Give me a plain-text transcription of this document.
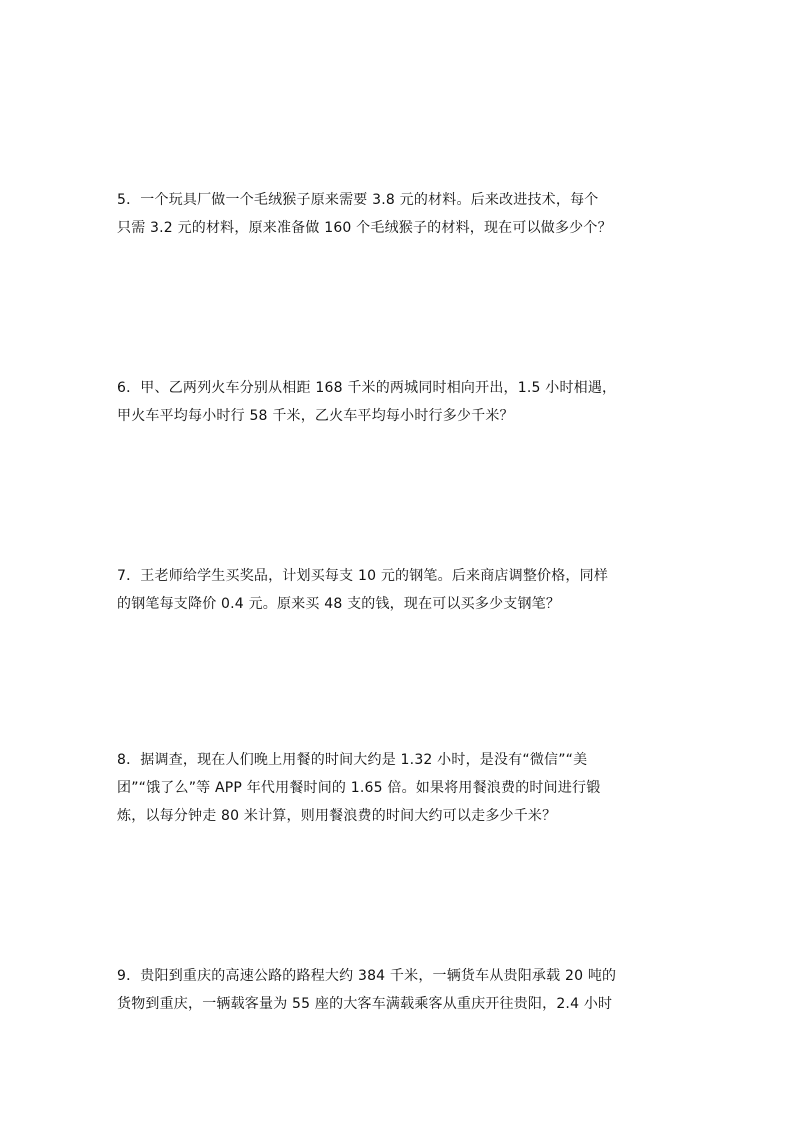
5．一个玩具厂做一个毛绒猴子原来需要 3.8 元的材料。后来改进技术，每个
只需 3.2 元的材料，原来准备做 160 个毛绒猴子的材料，现在可以做多少个？
6．甲、乙两列火车分别从相距 168 千米的两城同时相向开出，1.5 小时相遇，
甲火车平均每小时行 58 千米，乙火车平均每小时行多少千米？
7．王老师给学生买奖品，计划买每支 10 元的钢笔。后来商店调整价格，同样
的钢笔每支降价 0.4 元。原来买 48 支的钱，现在可以买多少支钢笔？
8．据调查，现在人们晚上用餐的时间大约是 1.32 小时，是没有“微信”“美
团”“饿了么”等 APP 年代用餐时间的 1.65 倍。如果将用餐浪费的时间进行锻
炼，以每分钟走 80 米计算，则用餐浪费的时间大约可以走多少千米？
9．贵阳到重庆的高速公路的路程大约 384 千米，一辆货车从贵阳承载 20 吨的
货物到重庆，一辆载客量为 55 座的大客车满载乘客从重庆开往贵阳，2.4 小时
